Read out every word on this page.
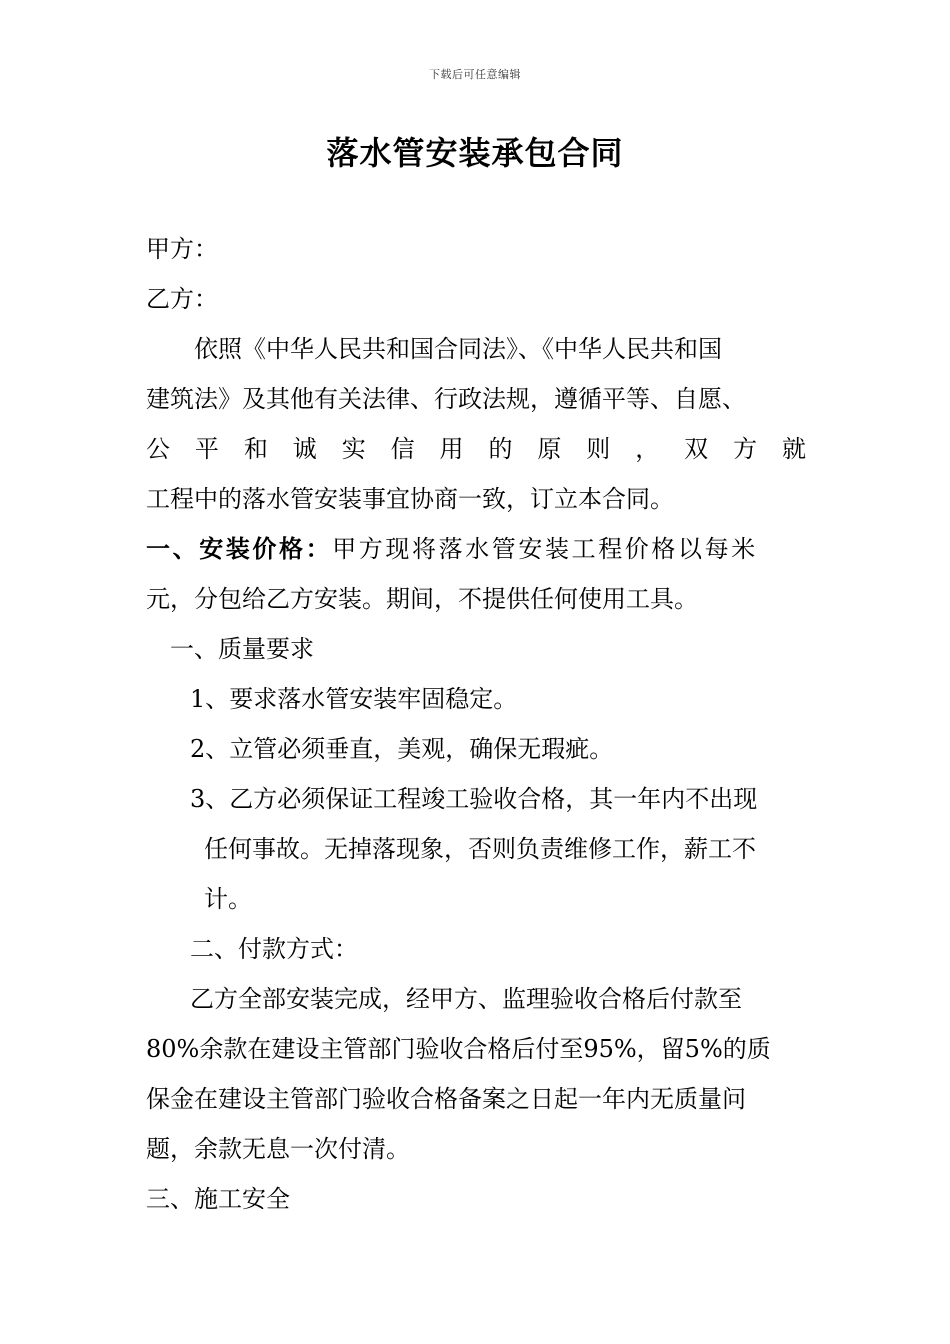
下载后可任意编辑
落水管安装承包合同
甲方：
乙方：
依照《中华人民共和国合同法》、《中华人民共和国
建筑法》及其他有关法律、行政法规，遵循平等、自愿、
公 平 和 诚 实 信 用 的 原 则 ， 双 方 就
工程中的落水管安装事宜协商一致，订立本合同。
一、安装价格：甲方现将落水管安装工程价格以每米
元，分包给乙方安装。期间，不提供任何使用工具。
一、质量要求
1、要求落水管安装牢固稳定。
2、立管必须垂直，美观，确保无瑕疵。
3、乙方必须保证工程竣工验收合格，其一年内不出现
任何事故。无掉落现象，否则负责维修工作，薪工不
计。
二、付款方式：
乙方全部安装完成，经甲方、监理验收合格后付款至
80%余款在建设主管部门验收合格后付至95%，留5%的质
保金在建设主管部门验收合格备案之日起一年内无质量问
题，余款无息一次付清。
三、施工安全
